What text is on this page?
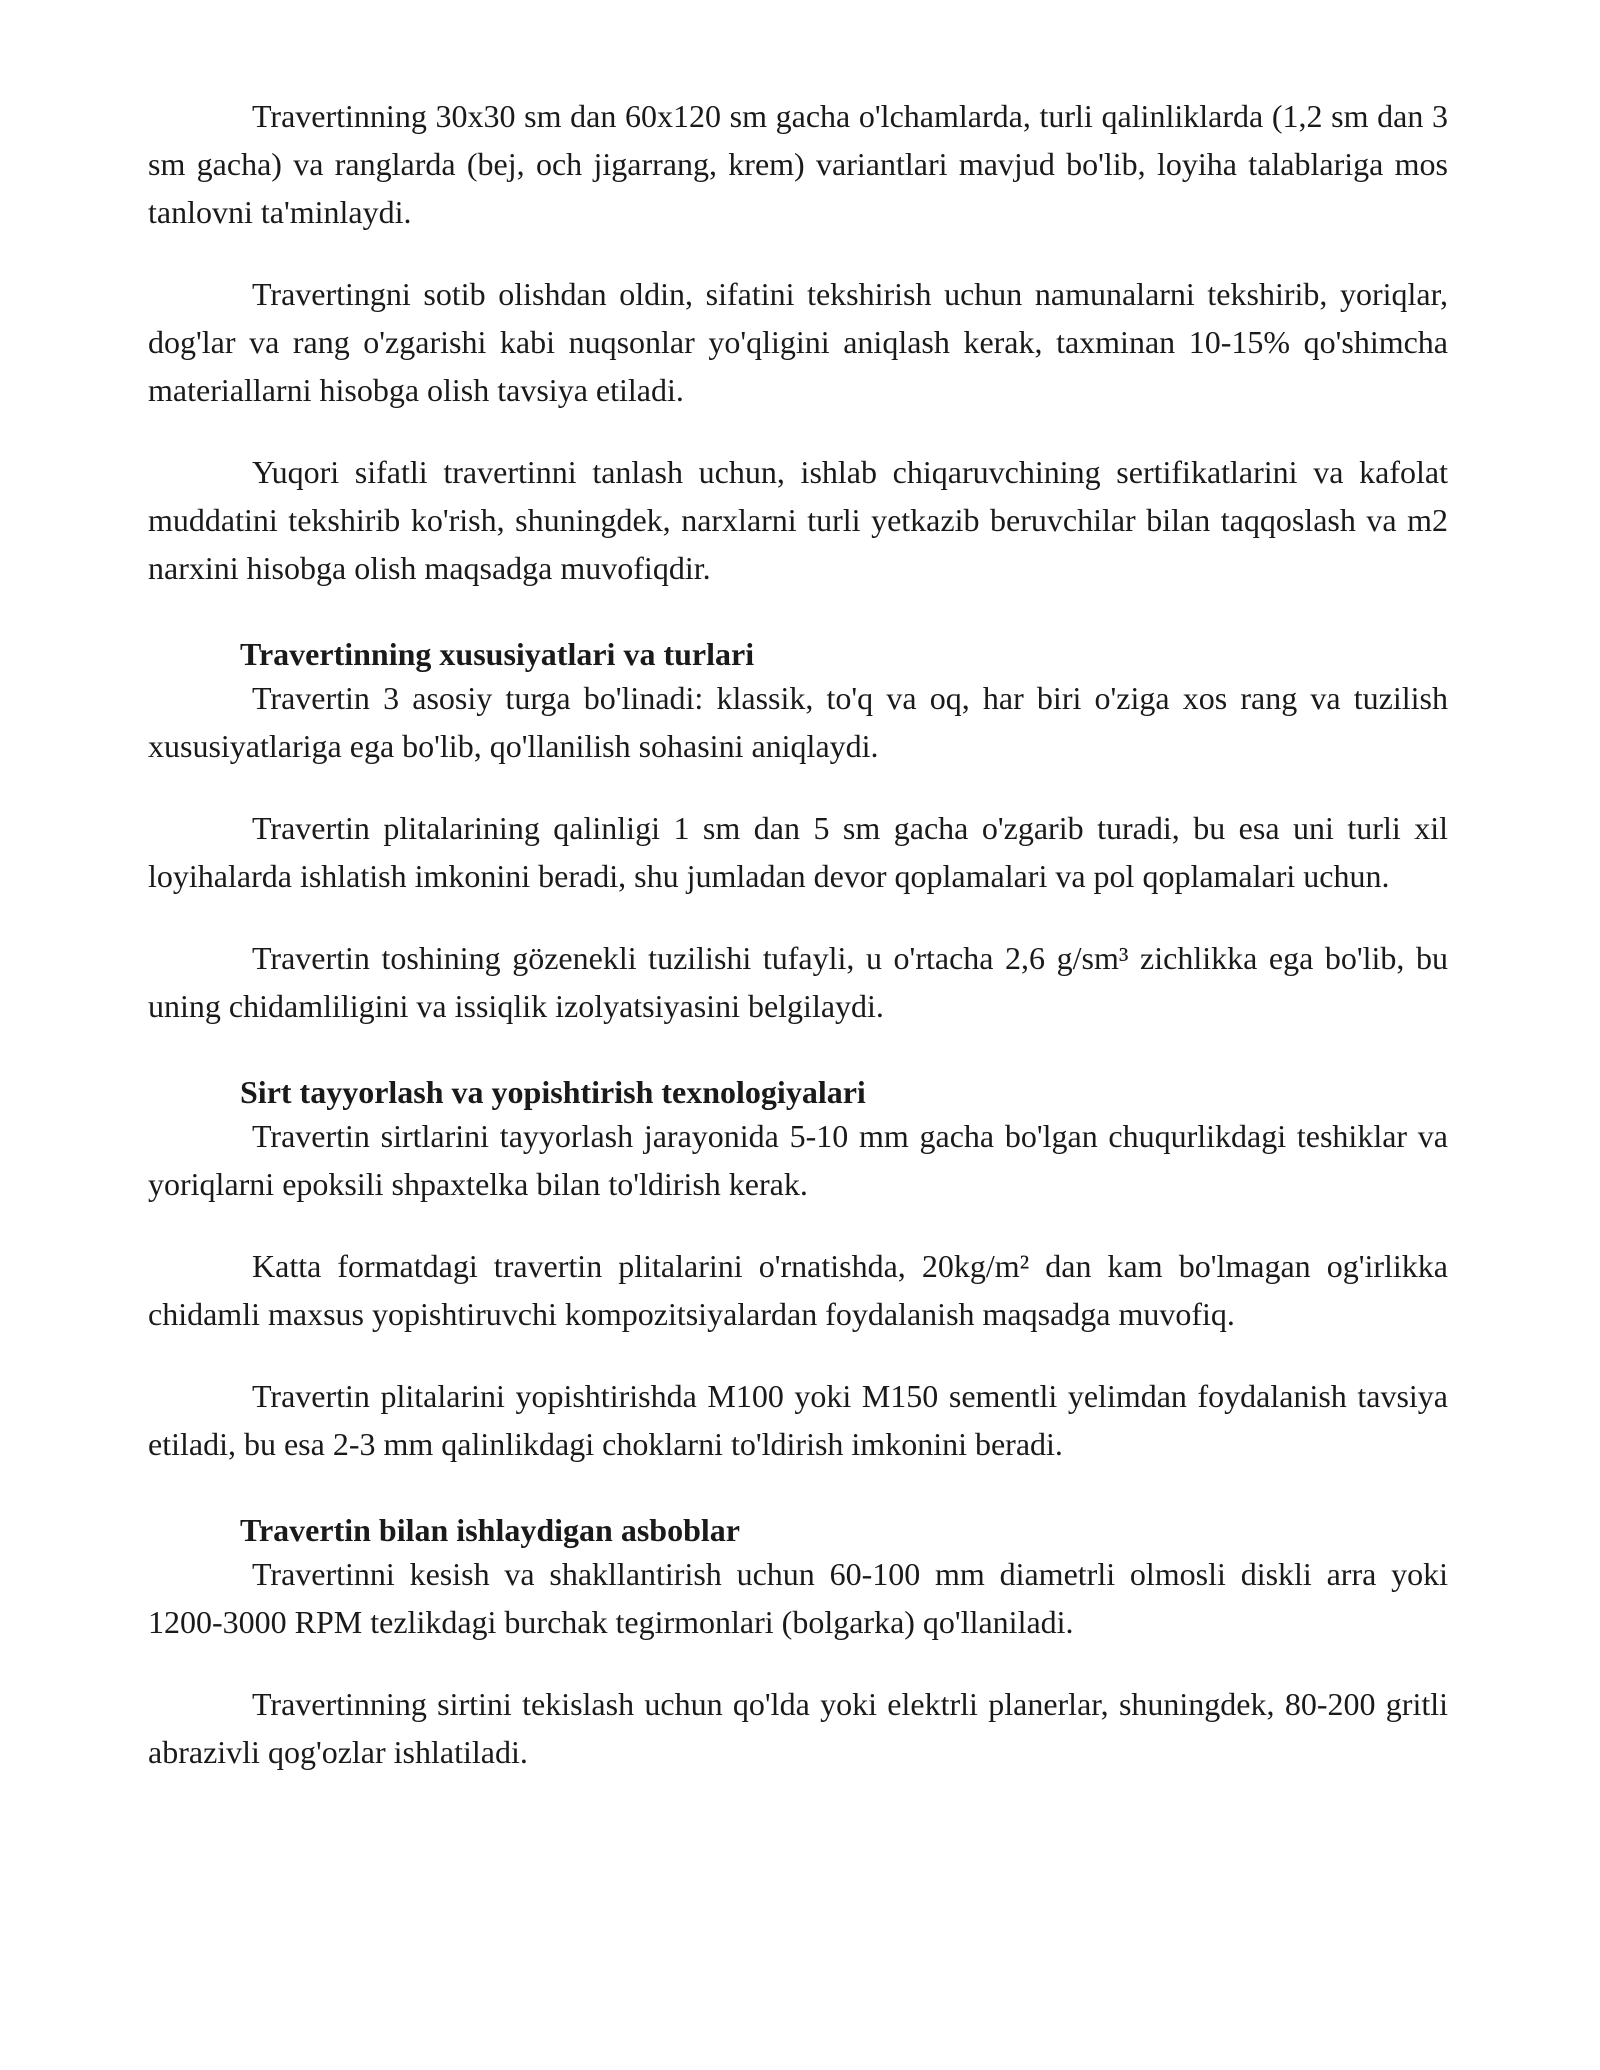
Travertinning 30x30 sm dan 60x120 sm gacha o'lchamlarda, turli qalinliklarda (1,2 sm dan 3 sm gacha) va ranglarda (bej, och jigarrang, krem) variantlari mavjud bo'lib, loyiha talablariga mos tanlovni ta'minlaydi.

Travertingni sotib olishdan oldin, sifatini tekshirish uchun namunalarni tekshirib, yoriqlar, dog'lar va rang o'zgarishi kabi nuqsonlar yo'qligini aniqlash kerak, taxminan 10-15% qo'shimcha materiallarni hisobga olish tavsiya etiladi.

Yuqori sifatli travertinni tanlash uchun, ishlab chiqaruvchining sertifikatlarini va kafolat muddatini tekshirib ko'rish, shuningdek, narxlarni turli yetkazib beruvchilar bilan taqqoslash va m2 narxini hisobga olish maqsadga muvofiqdir.

Travertinning xususiyatlari va turlari

Travertin 3 asosiy turga bo'linadi: klassik, to'q va oq, har biri o'ziga xos rang va tuzilish xususiyatlariga ega bo'lib, qo'llanilish sohasini aniqlaydi.

Travertin plitalarining qalinligi 1 sm dan 5 sm gacha o'zgarib turadi, bu esa uni turli xil loyihalarda ishlatish imkonini beradi, shu jumladan devor qoplamalari va pol qoplamalari uchun.

Travertin toshining gözenekli tuzilishi tufayli, u o'rtacha 2,6 g/sm³ zichlikka ega bo'lib, bu uning chidamliligini va issiqlik izolyatsiyasini belgilaydi.

Sirt tayyorlash va yopishtirish texnologiyalari

Travertin sirtlarini tayyorlash jarayonida 5-10 mm gacha bo'lgan chuqurlikdagi teshiklar va yoriqlarni epoksili shpaxtelka bilan to'ldirish kerak.

Katta formatdagi travertin plitalarini o'rnatishda, 20kg/m² dan kam bo'lmagan og'irlikka chidamli maxsus yopishtiruvchi kompozitsiyalardan foydalanish maqsadga muvofiq.

Travertin plitalarini yopishtirishda M100 yoki M150 sementli yelimdan foydalanish tavsiya etiladi, bu esa 2-3 mm qalinlikdagi choklarni to'ldirish imkonini beradi.

Travertin bilan ishlaydigan asboblar

Travertinni kesish va shakllantirish uchun 60-100 mm diametrli olmosli diskli arra yoki 1200-3000 RPM tezlikdagi burchak tegirmonlari (bolgarka) qo'llaniladi.

Travertinning sirtini tekislash uchun qo'lda yoki elektrli planerlar, shuningdek, 80-200 gritli abrazivli qog'ozlar ishlatiladi.
